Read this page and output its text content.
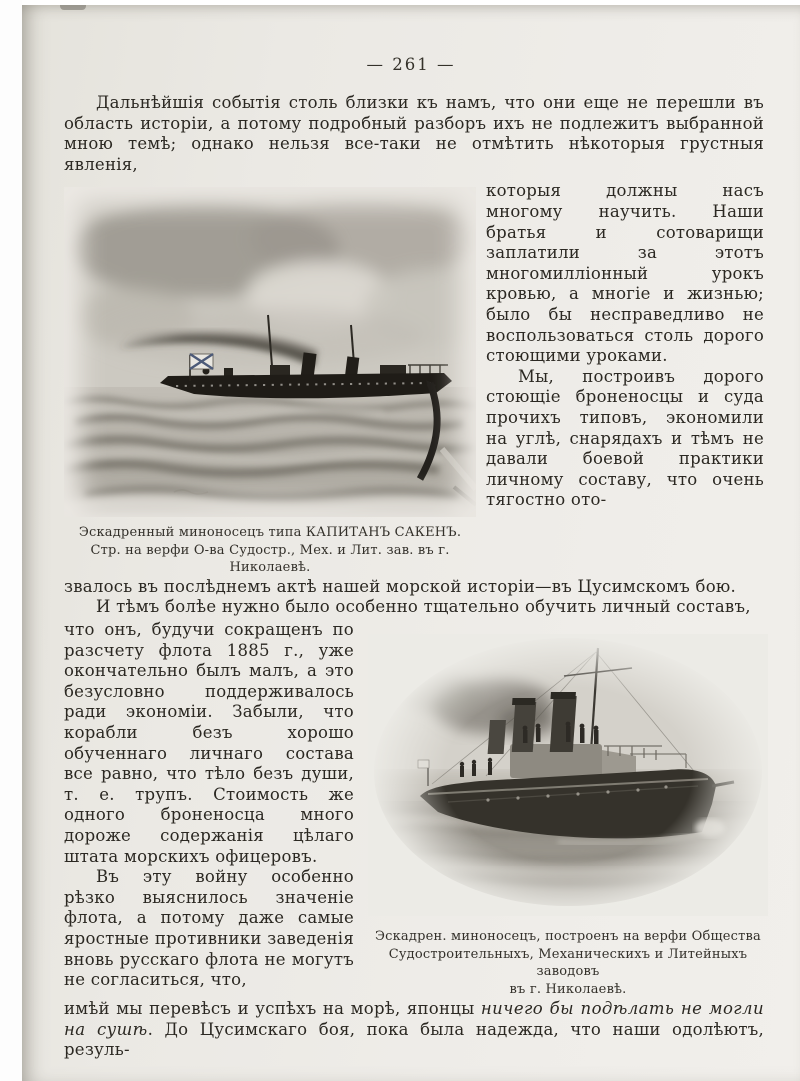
— 261 —

Дальнѣйшія событія столь близки къ намъ, что они еще не перешли въ область исторіи, а потому подробный разборъ ихъ не подлежитъ выбранной мною темѣ; однако нельзя все-таки не отмѣтить нѣкоторыя грустныя явленія,

Эскадренный миноносецъ типа КАПИТАНЪ САКЕНЪ.
Стр. на верфи О-ва Судостр., Мех. и Лит. зав. въ г. Николаевѣ.

которыя должны насъ многому научить. Наши братья и сотоварищи заплатили за этотъ многомилліонный урокъ кровью, а многіе и жизнью; было бы несправедливо не воспользоваться столь дорого стоющими уроками.

Мы, построивъ дорого стоющіе броненосцы и суда прочихъ типовъ, экономили на углѣ, снарядахъ и тѣмъ не давали боевой практики личному составу, что очень тягостно ото-

звалось въ послѣднемъ актѣ нашей морской исторіи—въ Цусимскомъ бою.

И тѣмъ болѣе нужно было особенно тщательно обучить личный составъ,

что онъ, будучи сокращенъ по разсчету флота 1885 г., уже окончательно былъ малъ, а это безусловно поддерживалось ради экономіи. Забыли, что корабли безъ хорошо обученнаго личнаго состава все равно, что тѣло безъ души, т. е. трупъ. Стоимость же одного броненосца много дороже содержанія цѣлаго штата морскихъ офицеровъ.

Въ эту войну особенно рѣзко выяснилось значеніе флота, а потому даже самые яростные противники заведенія вновь русскаго флота не могутъ не согласиться, что,

Эскадрен. миноносецъ, построенъ на верфи Общества
Судостроительныхъ, Механическихъ и Литейныхъ заводовъ
въ г. Николаевѣ.

имѣй мы перевѣсъ и успѣхъ на морѣ, японцы ничего бы подѣлать не могли на сушѣ. До Цусимскаго боя, пока была надежда, что наши одолѣютъ, резуль-
